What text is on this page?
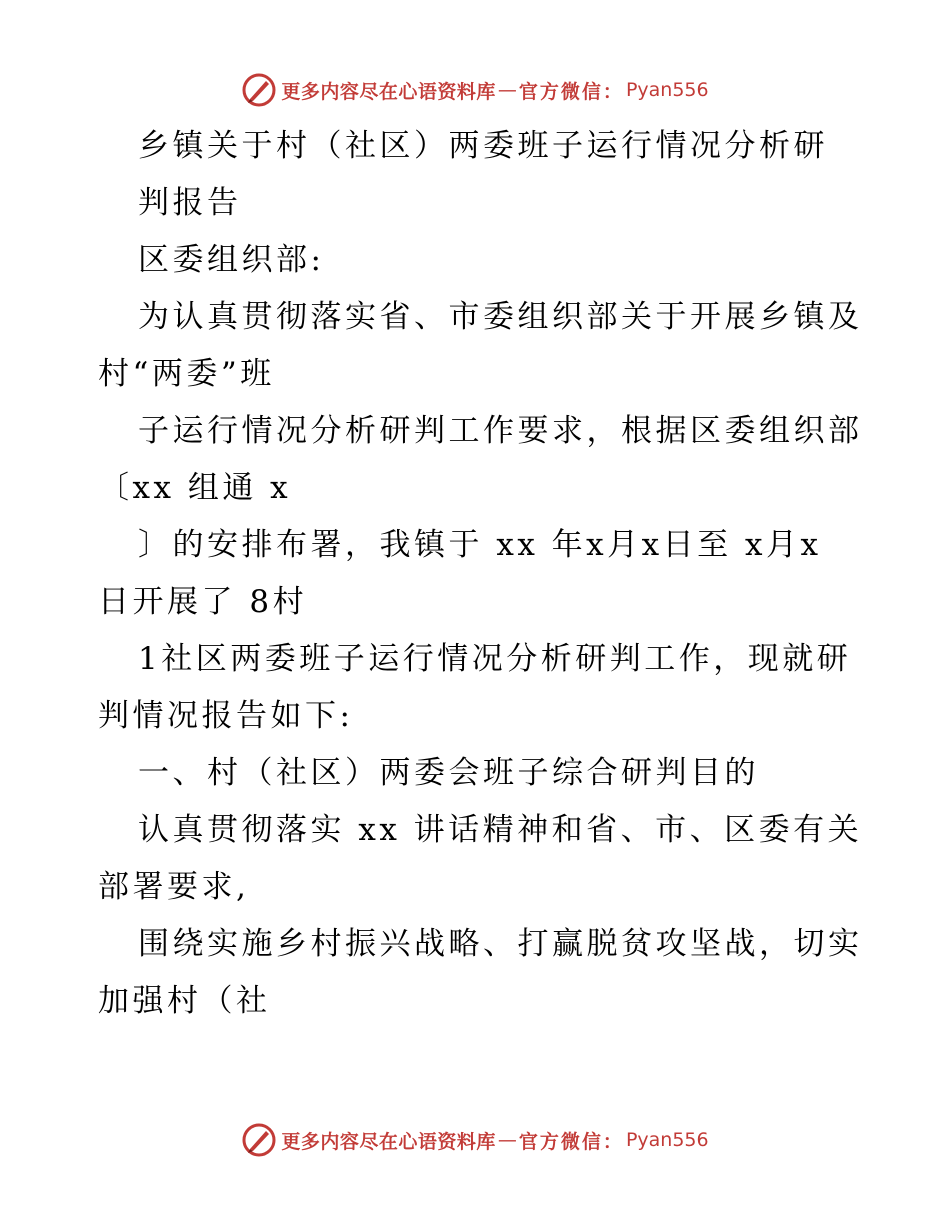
更多内容尽在心语资料库 — 官方微信： Pyan556
乡镇关于村（社区）两委班子运行情况分析研
判报告
区委组织部:
为认真贯彻落实省、市委组织部关于开展乡镇及
村“两委”班
子运行情况分析研判工作要求，根据区委组织部
〔xx 组通 x
〕的安排布署，我镇于 xx 年x月x日至 x月x
日开展了 8村
1社区两委班子运行情况分析研判工作，现就研
判情况报告如下:
一、村（社区）两委会班子综合研判目的
认真贯彻落实 xx 讲话精神和省、市、区委有关
部署要求,
围绕实施乡村振兴战略、打赢脱贫攻坚战，切实
加强村（社
更多内容尽在心语资料库 — 官方微信： Pyan556
